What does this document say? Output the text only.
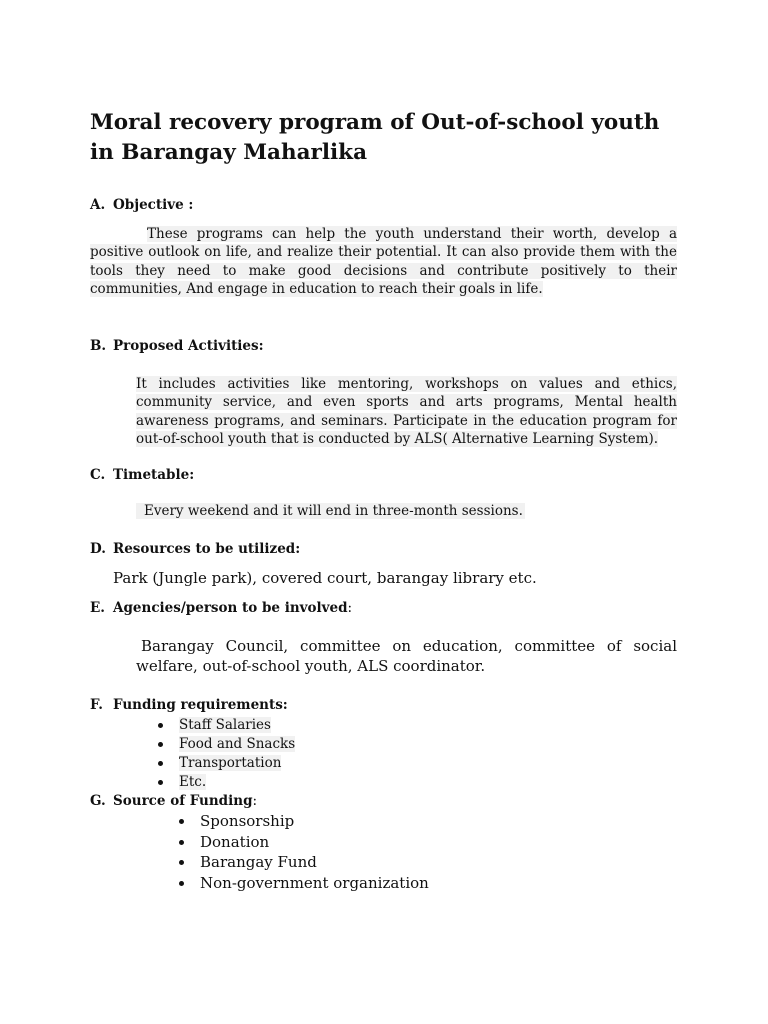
Moral recovery program of Out-of-school youth in Barangay Maharlika
A. Objective :

These programs can help the youth understand their worth, develop a positive outlook on life, and realize their potential. It can also provide them with the tools they need to make good decisions and contribute positively to their communities, And engage in education to reach their goals in life.

B. Proposed Activities:

It includes activities like mentoring, workshops on values and ethics, community service, and even sports and arts programs, Mental health awareness programs, and seminars. Participate in the education program for out-of-school youth that is conducted by ALS( Alternative Learning System).

C. Timetable:

Every weekend and it will end in three-month sessions.

D. Resources to be utilized:

Park (Jungle park), covered court, barangay library etc.

E. Agencies/person to be involved:

Barangay Council, committee on education, committee of social welfare, out-of-school youth, ALS coordinator.

F. Funding requirements:
Staff Salaries
Food and Snacks
Transportation
Etc.
G. Source of Funding:
Sponsorship
Donation
Barangay Fund
Non-government organization
